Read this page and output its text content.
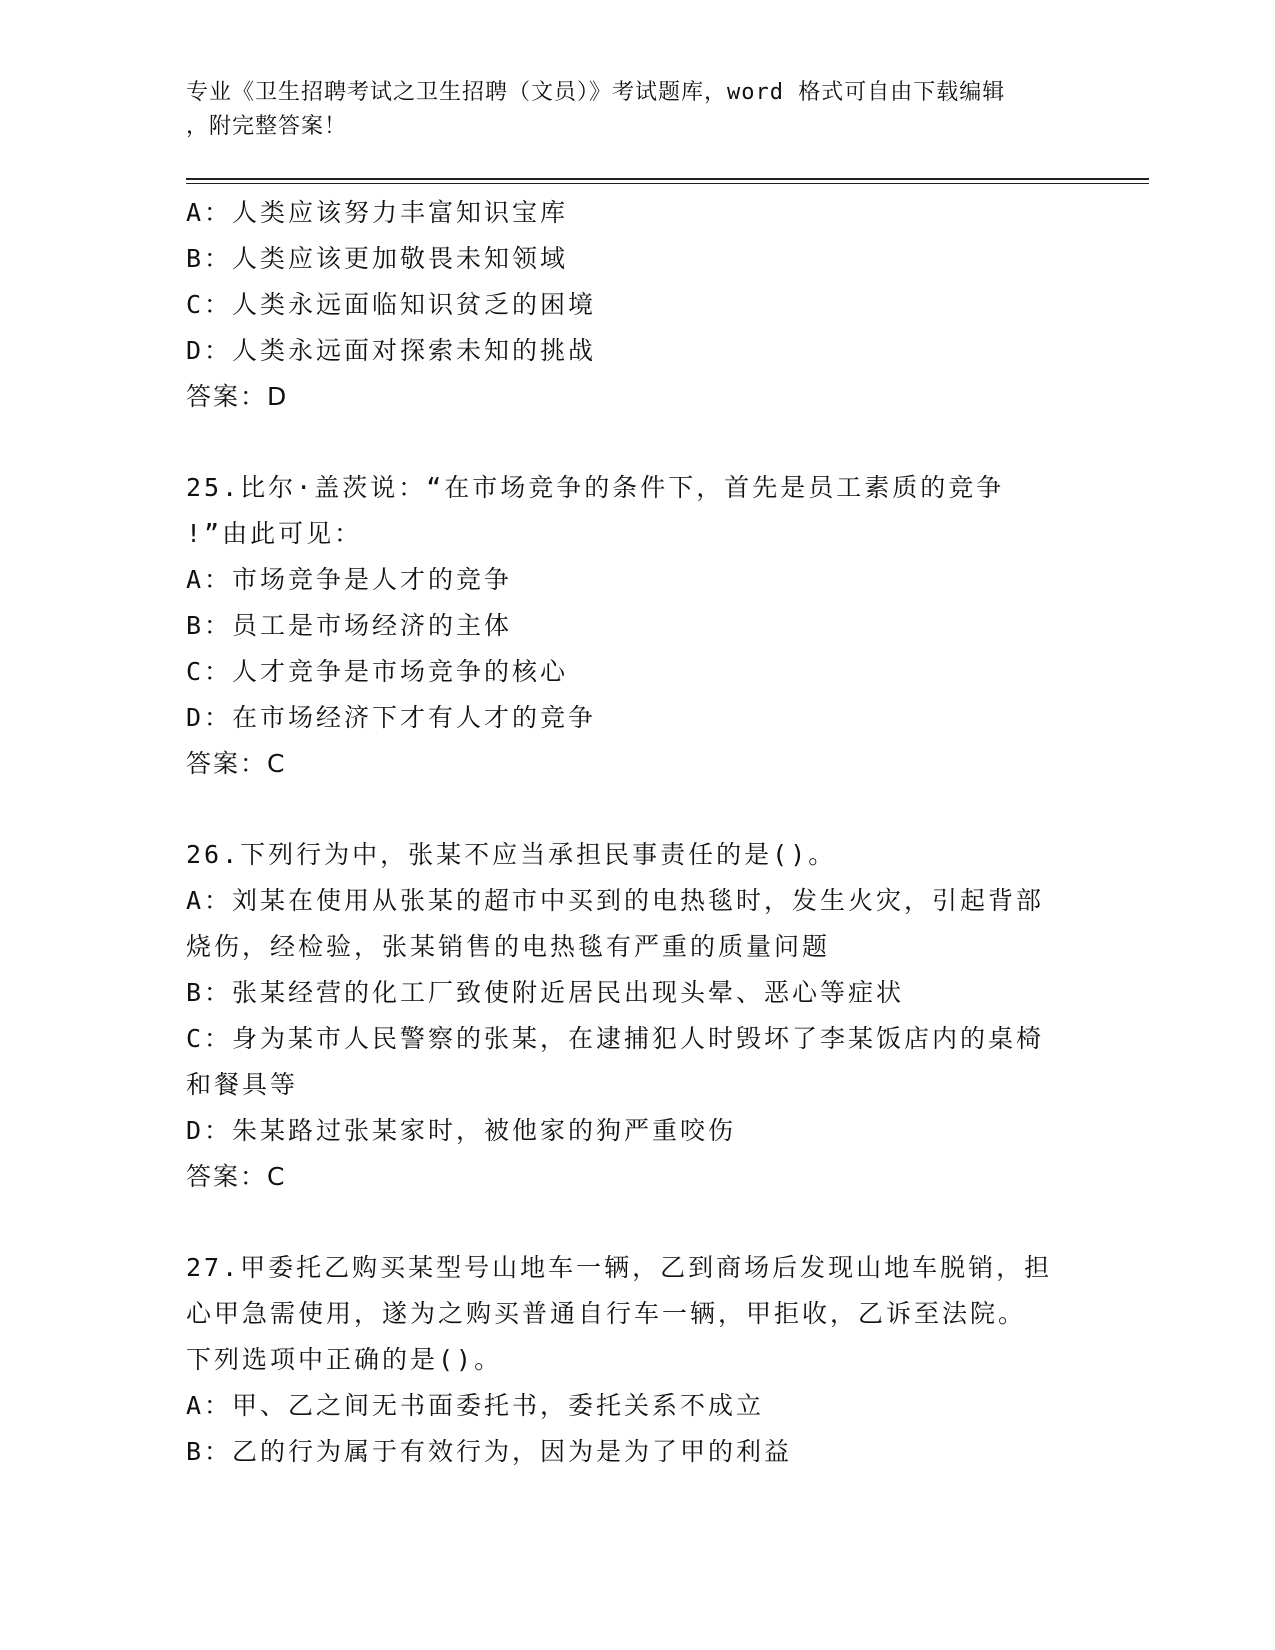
专业《卫生招聘考试之卫生招聘（文员）》考试题库，word 格式可自由下载编辑
，附完整答案！
A：人类应该努力丰富知识宝库
B：人类应该更加敬畏未知领域
C：人类永远面临知识贫乏的困境
D：人类永远面对探索未知的挑战
答案：D
25.比尔·盖茨说：“在市场竞争的条件下，首先是员工素质的竞争
!”由此可见：
A：市场竞争是人才的竞争
B：员工是市场经济的主体
C：人才竞争是市场竞争的核心
D：在市场经济下才有人才的竞争
答案：C
26.下列行为中，张某不应当承担民事责任的是()。
A：刘某在使用从张某的超市中买到的电热毯时，发生火灾，引起背部
烧伤，经检验，张某销售的电热毯有严重的质量问题
B：张某经营的化工厂致使附近居民出现头晕、恶心等症状
C：身为某市人民警察的张某，在逮捕犯人时毁坏了李某饭店内的桌椅
和餐具等
D：朱某路过张某家时，被他家的狗严重咬伤
答案：C
27.甲委托乙购买某型号山地车一辆，乙到商场后发现山地车脱销，担
心甲急需使用，遂为之购买普通自行车一辆，甲拒收，乙诉至法院。
下列选项中正确的是()。
A：甲、乙之间无书面委托书，委托关系不成立
B：乙的行为属于有效行为，因为是为了甲的利益
